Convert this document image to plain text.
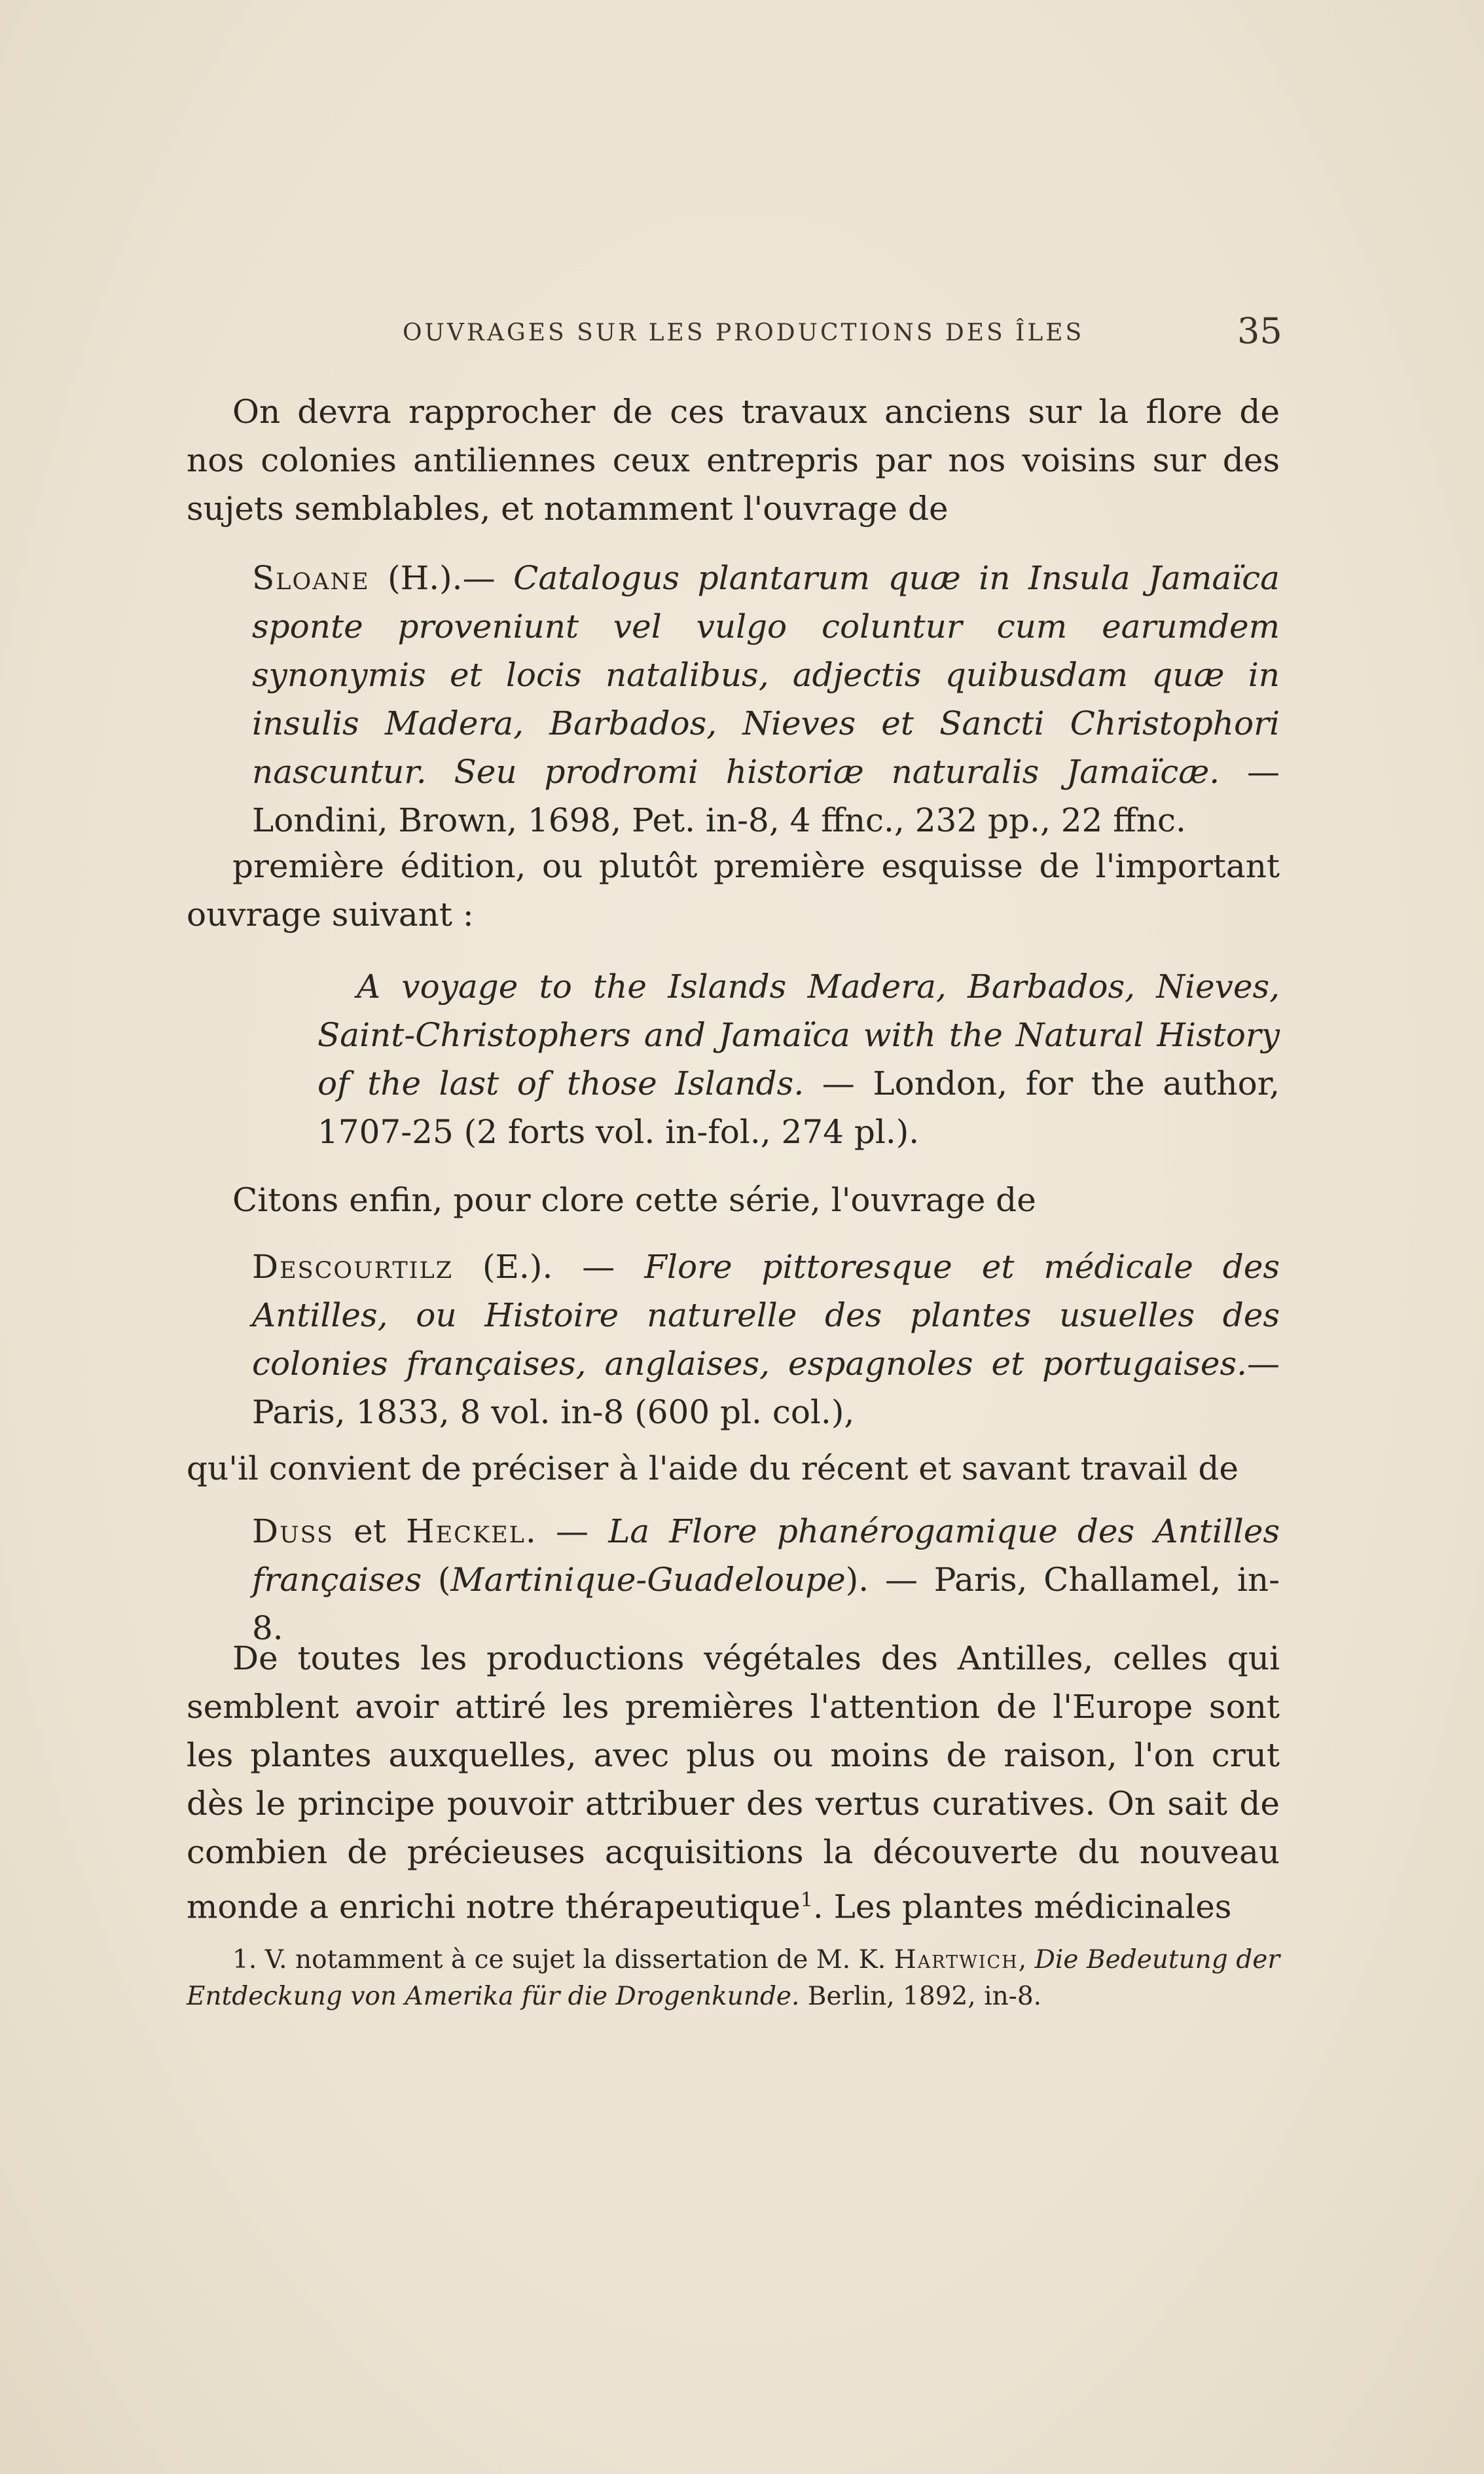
OUVRAGES SUR LES PRODUCTIONS DES ÎLES	35

On devra rapprocher de ces travaux anciens sur la flore de nos colonies antiliennes ceux entrepris par nos voisins sur des sujets semblables, et notamment l'ouvrage de

Sloane (H.).— Catalogus plantarum quæ in Insula Jamaïca sponte proveniunt vel vulgo coluntur cum earumdem synonymis et locis natalibus, adjectis quibusdam quæ in insulis Madera, Barbados, Nieves et Sancti Christophori nascuntur. Seu prodromi historiæ naturalis Jamaïcæ. — Londini, Brown, 1698, Pet. in-8, 4 ffnc., 232 pp., 22 ffnc.

première édition, ou plutôt première esquisse de l'important ouvrage suivant :

A voyage to the Islands Madera, Barbados, Nieves, Saint-Christophers and Jamaïca with the Natural History of the last of those Islands. — London, for the author, 1707-25 (2 forts vol. in-fol., 274 pl.).

Citons enfin, pour clore cette série, l'ouvrage de

Descourtilz (E.). — Flore pittoresque et médicale des Antilles, ou Histoire naturelle des plantes usuelles des colonies françaises, anglaises, espagnoles et portugaises.— Paris, 1833, 8 vol. in-8 (600 pl. col.),

qu'il convient de préciser à l'aide du récent et savant travail de

Duss et Heckel. — La Flore phanérogamique des Antilles françaises (Martinique-Guadeloupe). — Paris, Challamel, in-8.

De toutes les productions végétales des Antilles, celles qui semblent avoir attiré les premières l'attention de l'Europe sont les plantes auxquelles, avec plus ou moins de raison, l'on crut dès le principe pouvoir attribuer des vertus curatives. On sait de combien de précieuses acquisitions la découverte du nouveau monde a enrichi notre thérapeutique$^1$. Les plantes médicinales

1. V. notamment à ce sujet la dissertation de M. K. Hartwich, Die Bedeutung der Entdeckung von Amerika für die Drogenkunde. Berlin, 1892, in-8.
